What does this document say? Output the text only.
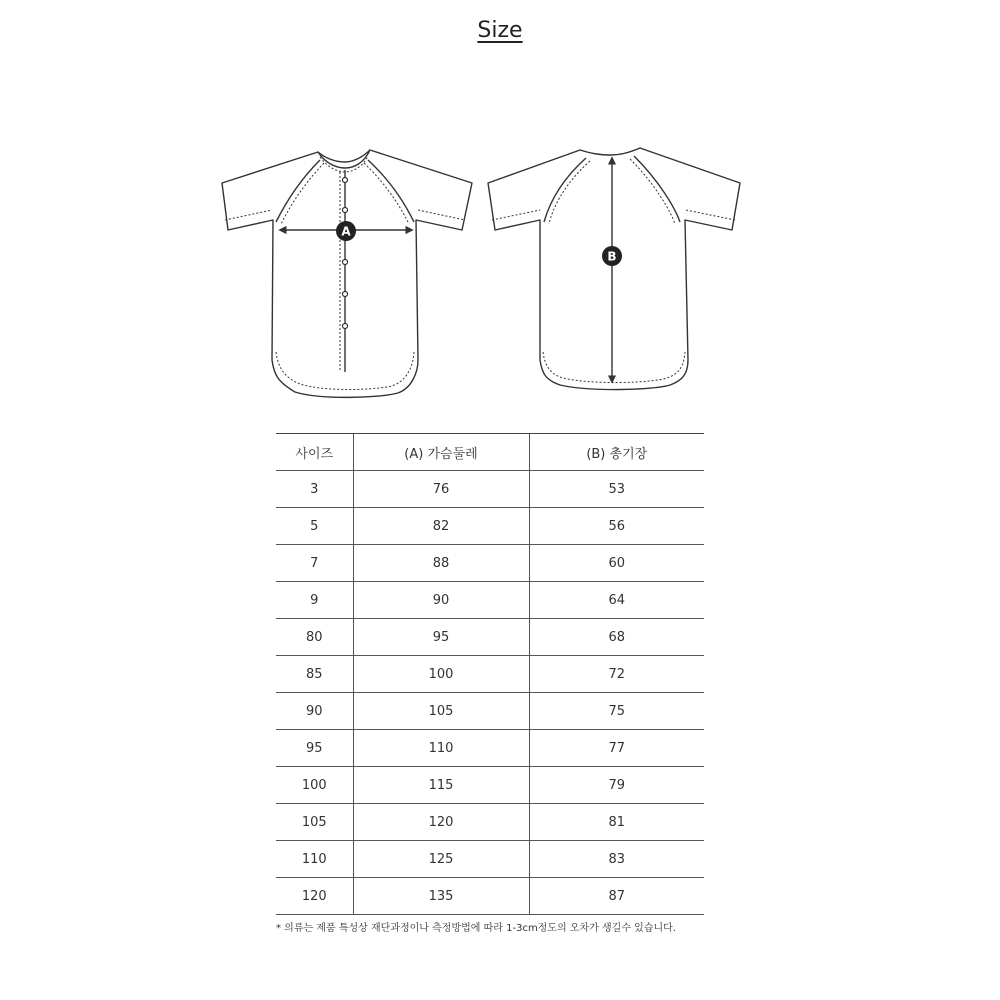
Size
A
B
사이즈	(A) 가슴둘레	(B) 총기장
3	76	53
5	82	56
7	88	60
9	90	64
80	95	68
85	100	72
90	105	75
95	110	77
100	115	79
105	120	81
110	125	83
120	135	87
* 의류는 제품 특성상 재단과정이나 측정방법에 따라 1-3cm정도의 오차가 생길수 있습니다.
